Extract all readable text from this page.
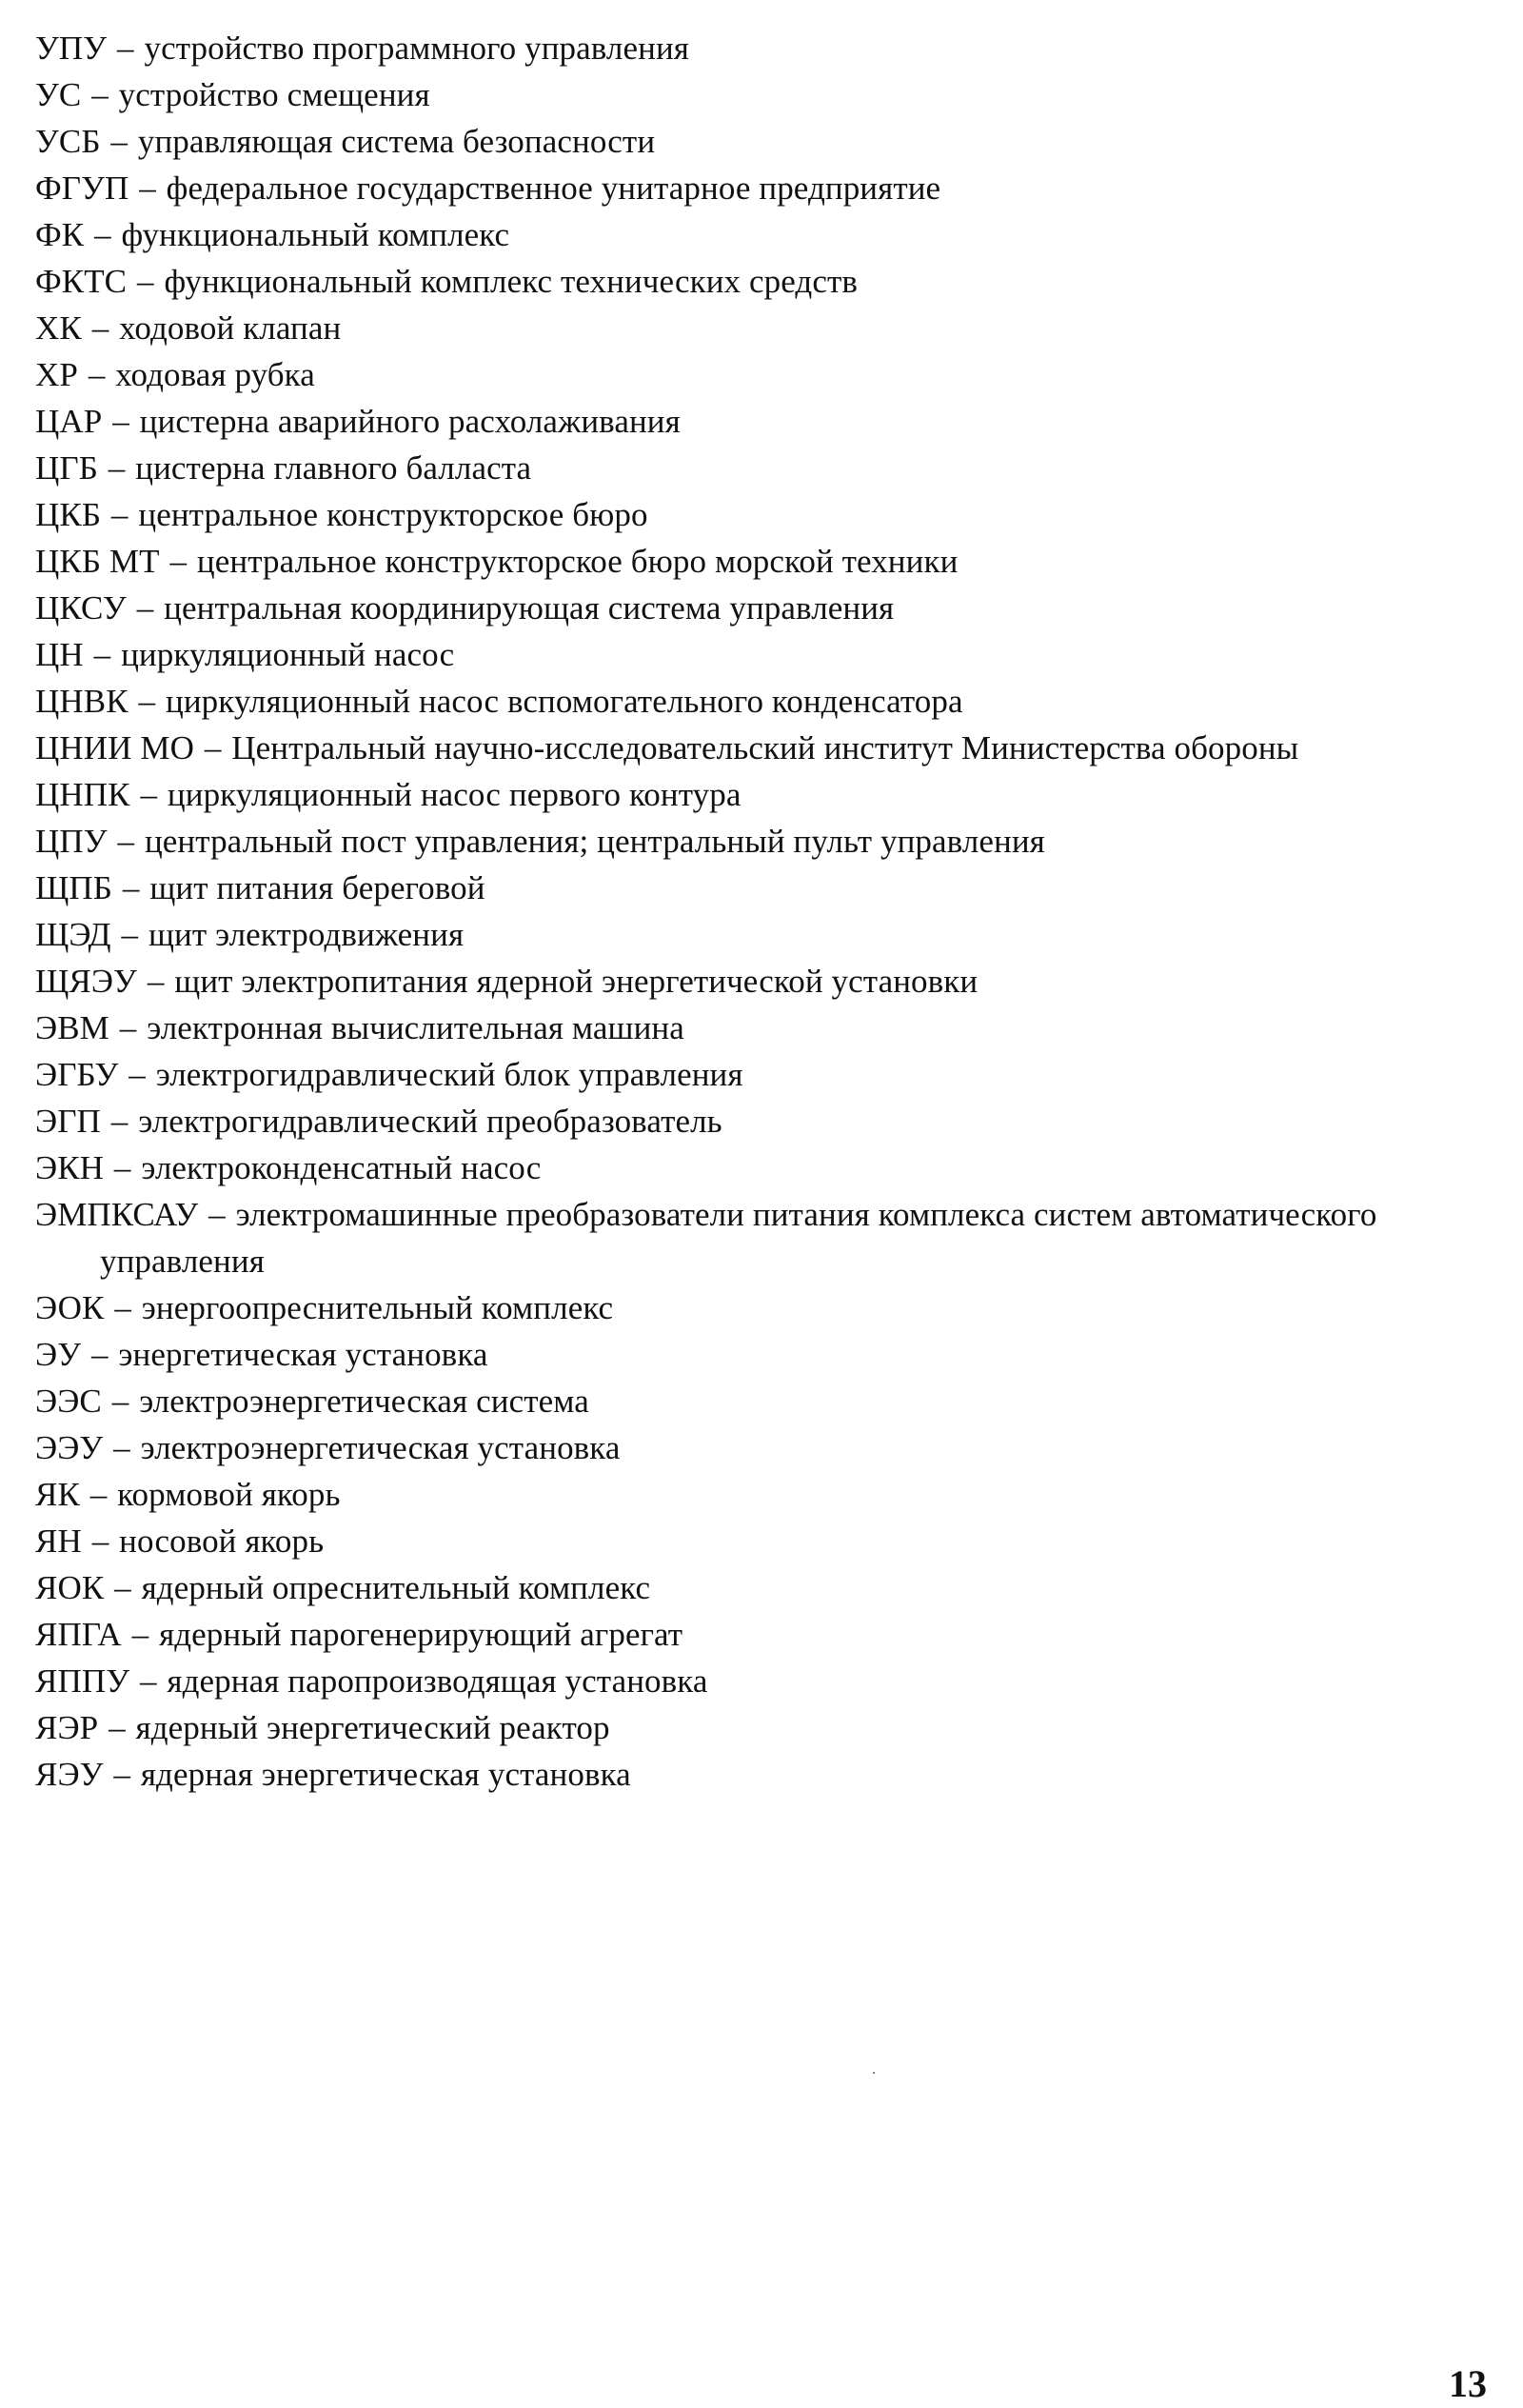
УПУ – устройство программного управления
УС – устройство смещения
УСБ – управляющая система безопасности
ФГУП – федеральное государственное унитарное предприятие
ФК – функциональный комплекс
ФКТС – функциональный комплекс технических средств
ХК – ходовой клапан
ХР – ходовая рубка
ЦАР – цистерна аварийного расхолаживания
ЦГБ – цистерна главного балласта
ЦКБ – центральное конструкторское бюро
ЦКБ МТ – центральное конструкторское бюро морской техники
ЦКСУ – центральная координирующая система управления
ЦН – циркуляционный насос
ЦНВК – циркуляционный насос вспомогательного конденсатора
ЦНИИ МО – Центральный научно-исследовательский институт Министерства обороны
ЦНПК – циркуляционный насос первого контура
ЦПУ – центральный пост управления; центральный пульт управления
ЩПБ – щит питания береговой
ЩЭД – щит электродвижения
ЩЯЭУ – щит электропитания ядерной энергетической установки
ЭВМ – электронная вычислительная машина
ЭГБУ – электрогидравлический блок управления
ЭГП – электрогидравлический преобразователь
ЭКН – электроконденсатный насос
ЭМПКСАУ – электромашинные преобразователи питания комплекса систем автоматического управления
ЭОК – энергоопреснительный комплекс
ЭУ – энергетическая установка
ЭЭС – электроэнергетическая система
ЭЭУ – электроэнергетическая установка
ЯК – кормовой якорь
ЯН – носовой якорь
ЯОК – ядерный опреснительный комплекс
ЯПГА – ядерный парогенерирующий агрегат
ЯППУ – ядерная паропроизводящая установка
ЯЭР – ядерный энергетический реактор
ЯЭУ – ядерная энергетическая установка
13
